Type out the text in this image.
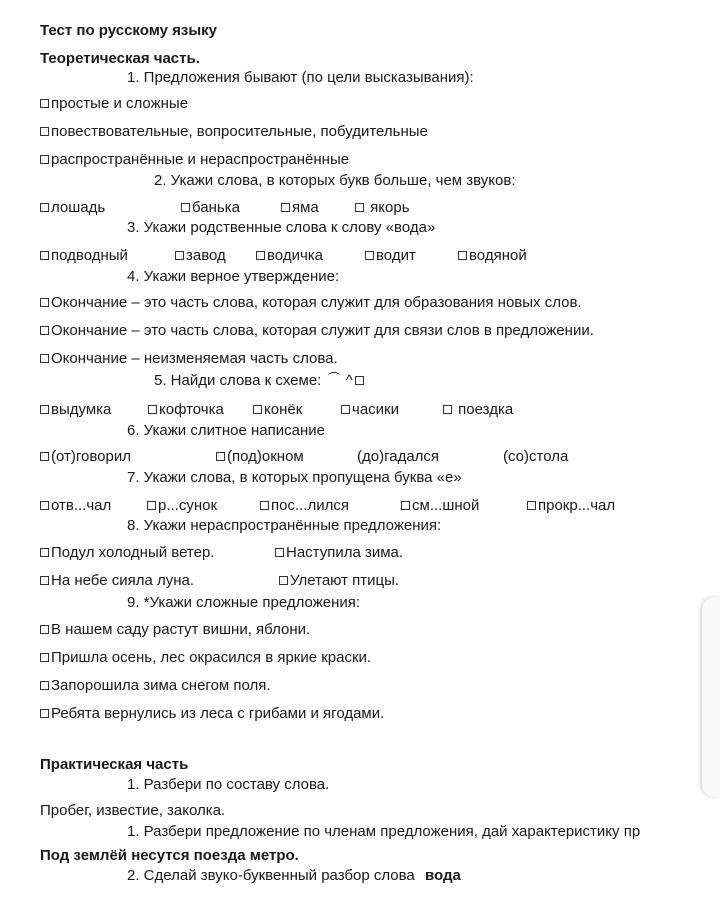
Тест по русскому языку
Теоретическая часть.
1. Предложения бывают (по цели высказывания):
простые и сложные
повествовательные, вопросительные, побудительные
распространённые и нераспространённые
2. Укажи слова, в которых букв больше, чем звуков:
лошадь	банька	яма	якорь
3. Укажи родственные слова к слову «вода»
подводный	завод	водичка	водит	водяной
4. Укажи верное утверждение:
Окончание – это часть слова, которая служит для образования новых слов.
Окончание – это часть слова, которая служит для связи слов в предложении.
Окончание – неизменяемая часть слова.
5. Найди слова к схеме: ^
выдумка	кофточка	конёк	часики	поездка
6. Укажи слитное написание
(от)говорил	(под)окном	(до)гадался	(со)стола
7. Укажи слова, в которых пропущена буква «е»
отв...чал	р...сунок	пос...лился	см...шной	прокр...чал
8. Укажи нераспространённые предложения:
Подул холодный ветер.	Наступила зима.
На небе сияла луна.	Улетают птицы.
9. *Укажи сложные предложения:
В нашем саду растут вишни, яблони.
Пришла осень, лес окрасился в яркие краски.
Запорошила зима снегом поля.
Ребята вернулись из леса с грибами и ягодами.
Практическая часть
1. Разбери по составу слова.
Пробег, известие, заколка.
1. Разбери предложение по членам предложения, дай характеристику пр
Под землёй несутся поезда метро.
2. Сделай звуко-буквенный разбор слова вода
